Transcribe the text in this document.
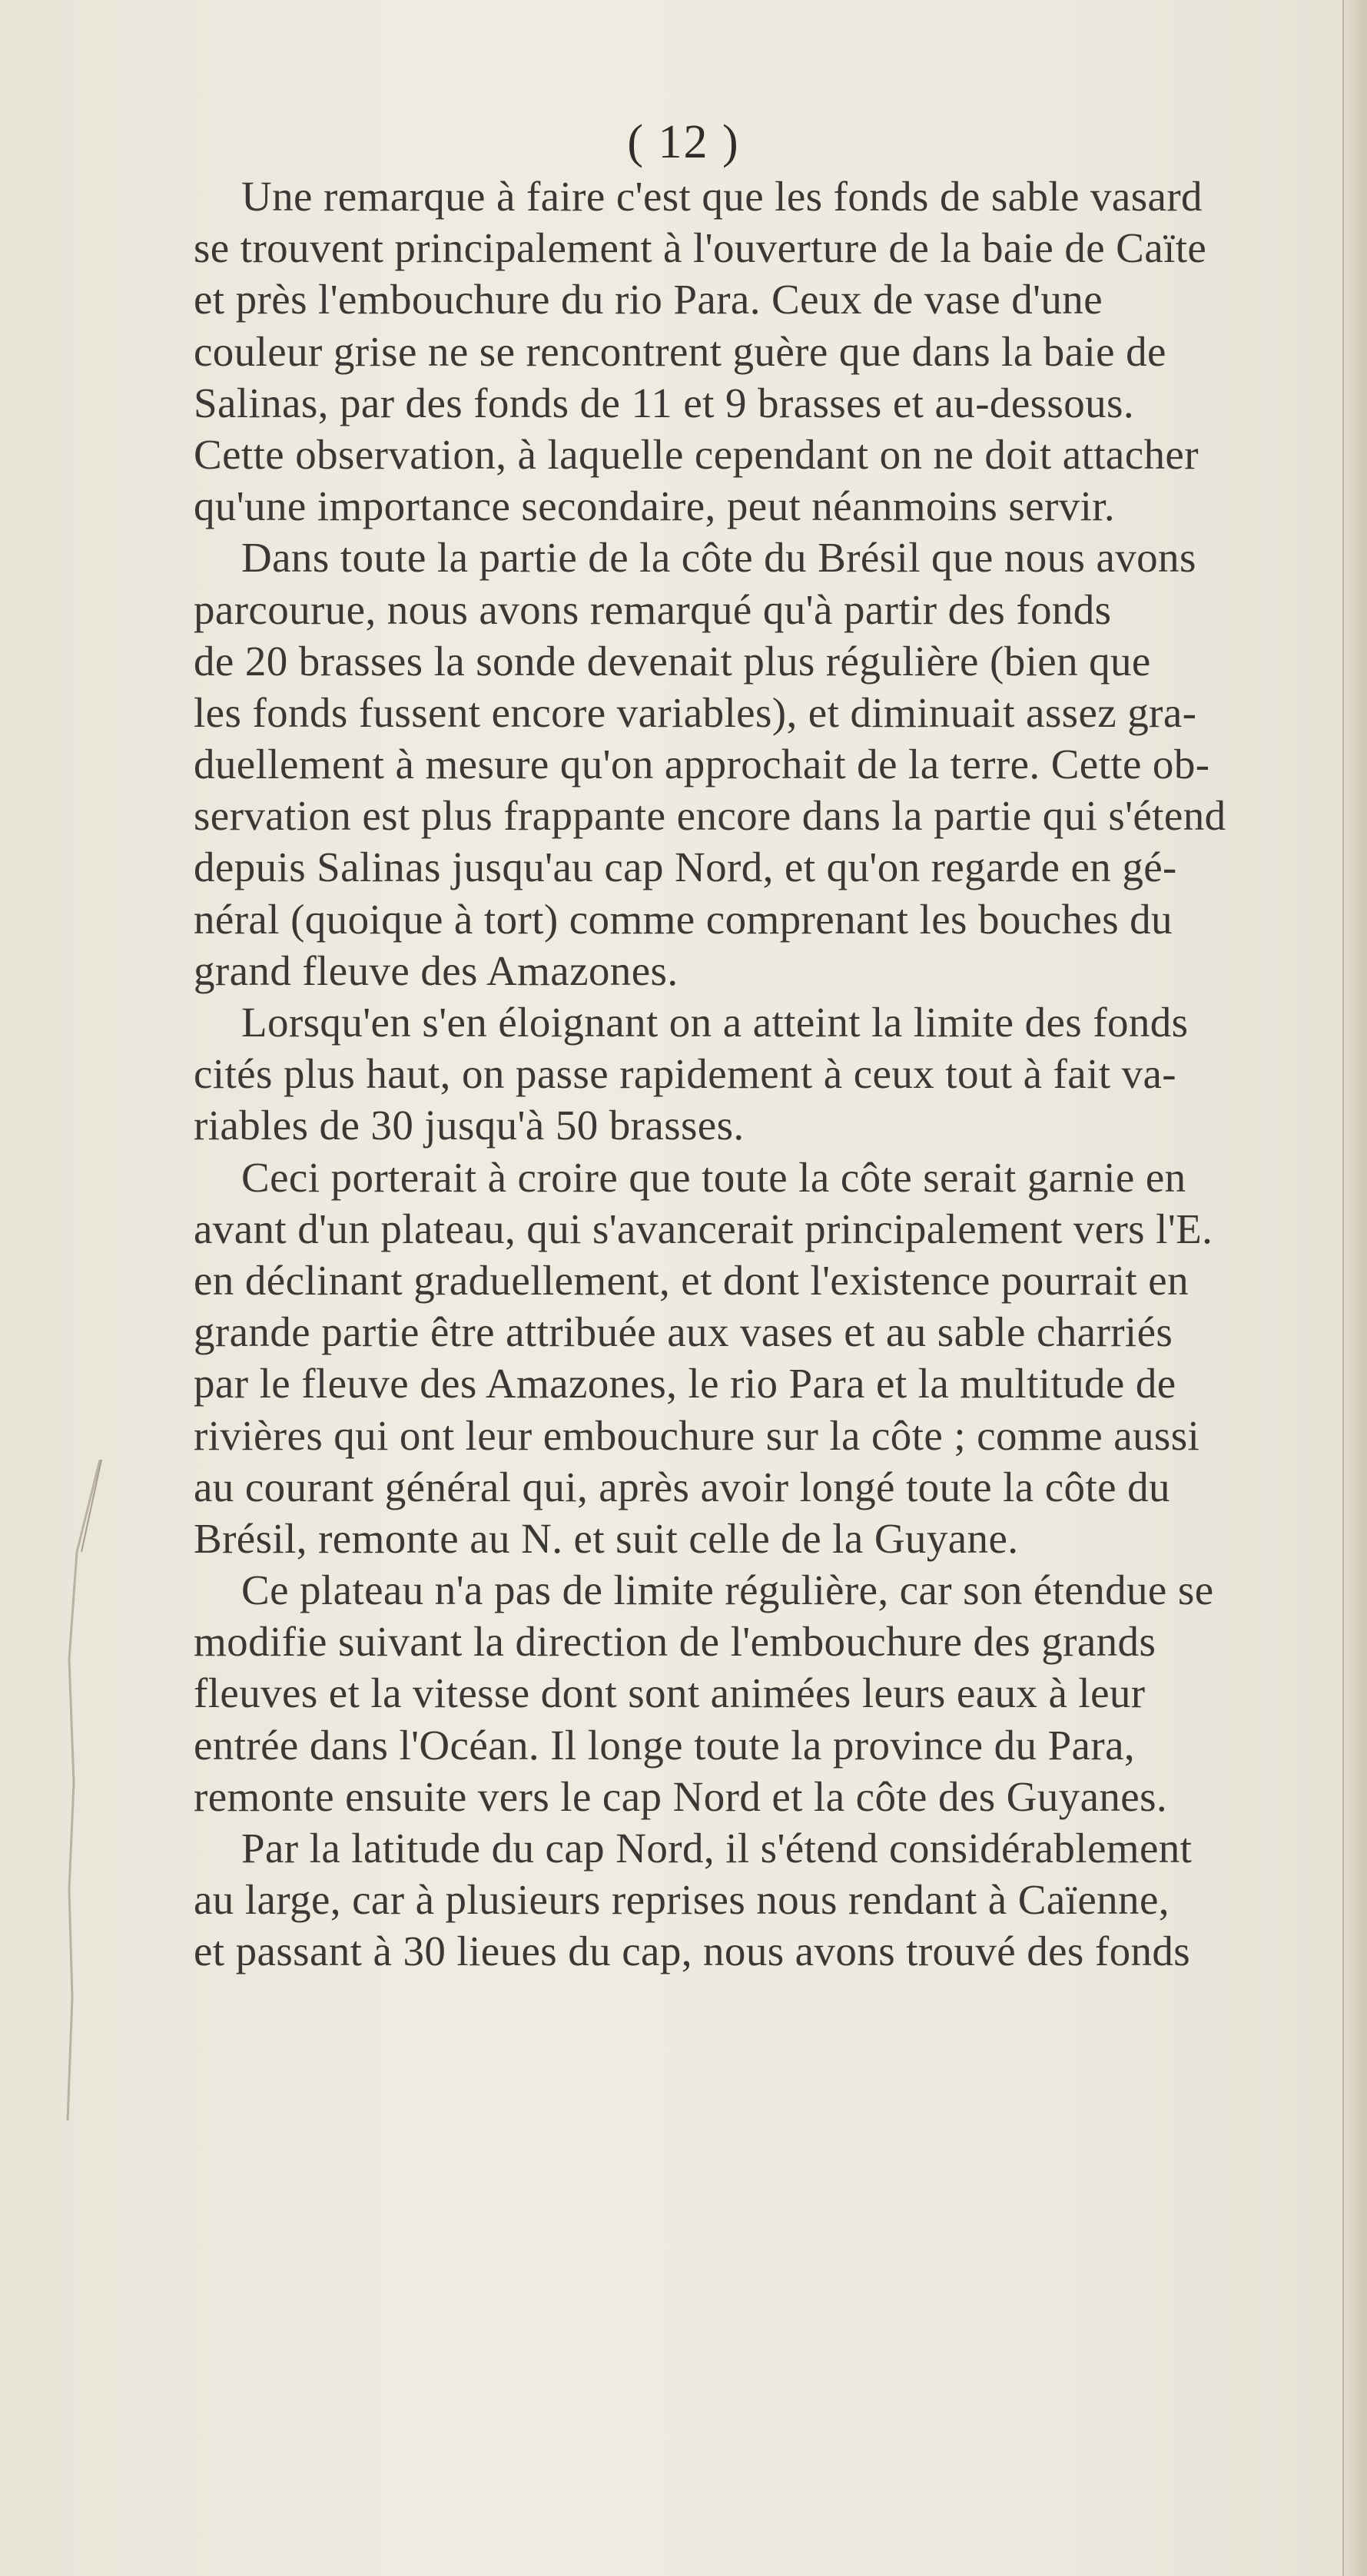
( 12 )
Une remarque à faire c'est que les fonds de sable vasard
se trouvent principalement à l'ouverture de la baie de Caïte
et près l'embouchure du rio Para. Ceux de vase d'une
couleur grise ne se rencontrent guère que dans la baie de
Salinas, par des fonds de 11 et 9 brasses et au-dessous.
Cette observation, à laquelle cependant on ne doit attacher
qu'une importance secondaire, peut néanmoins servir.
Dans toute la partie de la côte du Brésil que nous avons
parcourue, nous avons remarqué qu'à partir des fonds
de 20 brasses la sonde devenait plus régulière (bien que
les fonds fussent encore variables), et diminuait assez gra-
duellement à mesure qu'on approchait de la terre. Cette ob-
servation est plus frappante encore dans la partie qui s'étend
depuis Salinas jusqu'au cap Nord, et qu'on regarde en gé-
néral (quoique à tort) comme comprenant les bouches du
grand fleuve des Amazones.
Lorsqu'en s'en éloignant on a atteint la limite des fonds
cités plus haut, on passe rapidement à ceux tout à fait va-
riables de 30 jusqu'à 50 brasses.
Ceci porterait à croire que toute la côte serait garnie en
avant d'un plateau, qui s'avancerait principalement vers l'E.
en déclinant graduellement, et dont l'existence pourrait en
grande partie être attribuée aux vases et au sable charriés
par le fleuve des Amazones, le rio Para et la multitude de
rivières qui ont leur embouchure sur la côte ; comme aussi
au courant général qui, après avoir longé toute la côte du
Brésil, remonte au N. et suit celle de la Guyane.
Ce plateau n'a pas de limite régulière, car son étendue se
modifie suivant la direction de l'embouchure des grands
fleuves et la vitesse dont sont animées leurs eaux à leur
entrée dans l'Océan. Il longe toute la province du Para,
remonte ensuite vers le cap Nord et la côte des Guyanes.
Par la latitude du cap Nord, il s'étend considérablement
au large, car à plusieurs reprises nous rendant à Caïenne,
et passant à 30 lieues du cap, nous avons trouvé des fonds
